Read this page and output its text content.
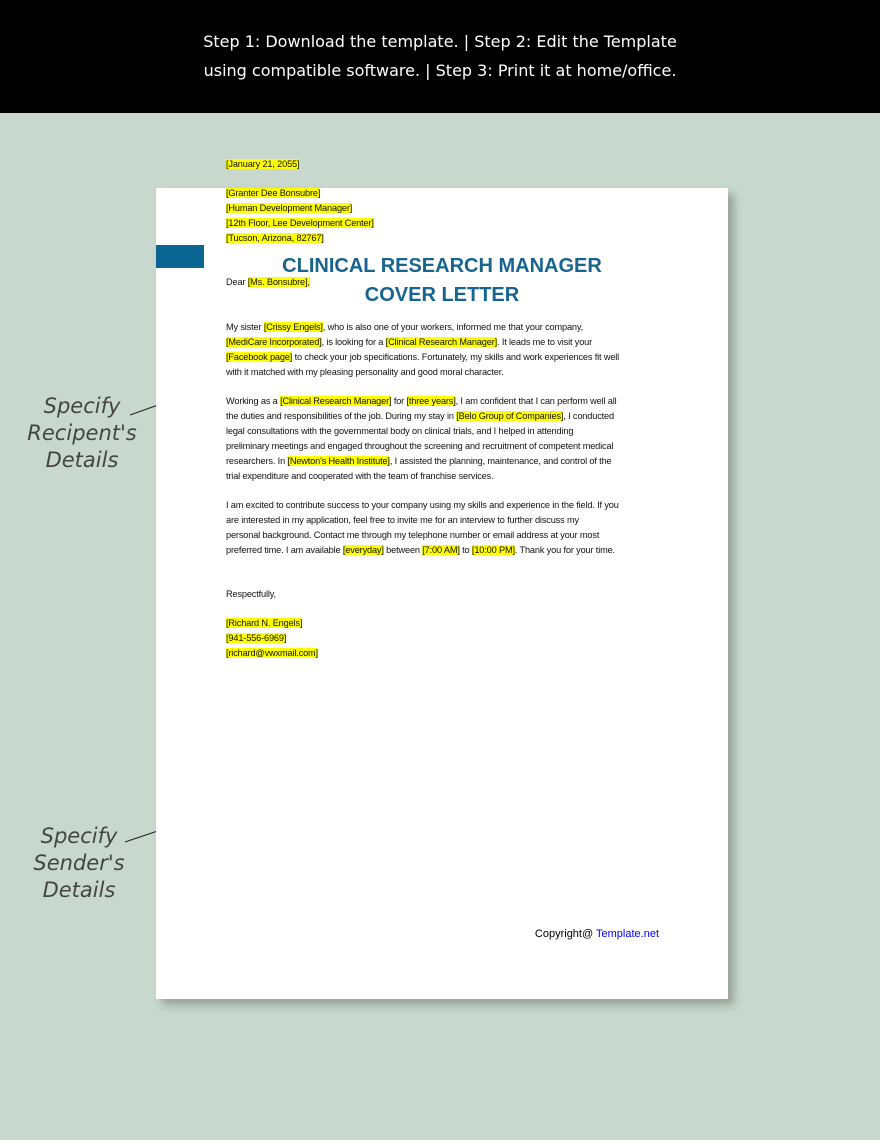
Step 1: Download the template. | Step 2: Edit the Template
using compatible software. | Step 3: Print it at home/office.
Specify
Recipent's
Details
Specify
Sender's
Details
CLINICAL RESEARCH MANAGER
COVER LETTER
[January 21, 2055]
[Granter Dee Bonsubre]
[Human Development Manager]
[12th Floor, Lee Development Center]
[Tucson, Arizona, 82767]
Dear [Ms. Bonsubre],
My sister [Crissy Engels], who is also one of your workers, informed me that your company,
[MediCare Incorporated], is looking for a [Clinical Research Manager]. It leads me to visit your
[Facebook page] to check your job specifications. Fortunately, my skills and work experiences fit well
with it matched with my pleasing personality and good moral character.
Working as a [Clinical Research Manager] for [three years], I am confident that I can perform well all
the duties and responsibilities of the job. During my stay in [Belo Group of Companies], I conducted
legal consultations with the governmental body on clinical trials, and I helped in attending
preliminary meetings and engaged throughout the screening and recruitment of competent medical
researchers. In [Newton's Health Institute], I assisted the planning, maintenance, and control of the
trial expenditure and cooperated with the team of franchise services.
I am excited to contribute success to your company using my skills and experience in the field. If you
are interested in my application, feel free to invite me for an interview to further discuss my
personal background. Contact me through my telephone number or email address at your most
preferred time. I am available [everyday] between [7:00 AM] to [10:00 PM]. Thank you for your time.
Respectfully,
[Richard N. Engels]
[941-556-6969]
[richard@vwxmail.com]
Copyright@ Template.net
